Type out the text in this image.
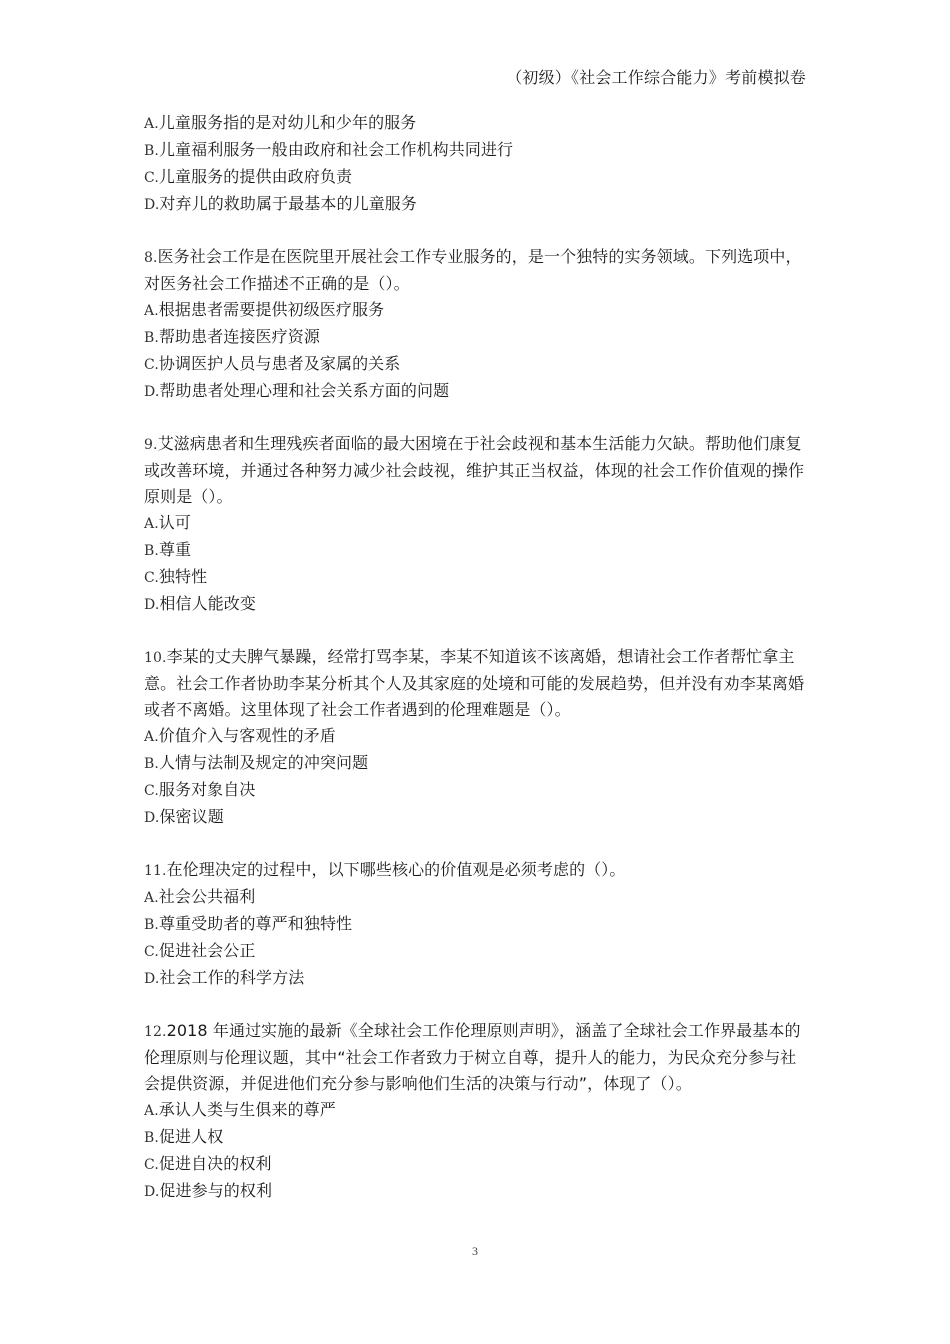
（初级）《社会工作综合能力》考前模拟卷
A.儿童服务指的是对幼儿和少年的服务
B.儿童福利服务一般由政府和社会工作机构共同进行
C.儿童服务的提供由政府负责
D.对弃儿的救助属于最基本的儿童服务
8.医务社会工作是在医院里开展社会工作专业服务的，是一个独特的实务领域。下列选项中，对医务社会工作描述不正确的是（）。
A.根据患者需要提供初级医疗服务
B.帮助患者连接医疗资源
C.协调医护人员与患者及家属的关系
D.帮助患者处理心理和社会关系方面的问题
9.艾滋病患者和生理残疾者面临的最大困境在于社会歧视和基本生活能力欠缺。帮助他们康复或改善环境，并通过各种努力减少社会歧视，维护其正当权益，体现的社会工作价值观的操作原则是（）。
A.认可
B.尊重
C.独特性
D.相信人能改变
10.李某的丈夫脾气暴躁，经常打骂李某，李某不知道该不该离婚，想请社会工作者帮忙拿主意。社会工作者协助李某分析其个人及其家庭的处境和可能的发展趋势，但并没有劝李某离婚或者不离婚。这里体现了社会工作者遇到的伦理难题是（）。
A.价值介入与客观性的矛盾
B.人情与法制及规定的冲突问题
C.服务对象自决
D.保密议题
11.在伦理决定的过程中，以下哪些核心的价值观是必须考虑的（）。
A.社会公共福利
B.尊重受助者的尊严和独特性
C.促进社会公正
D.社会工作的科学方法
12.2018 年通过实施的最新《全球社会工作伦理原则声明》，涵盖了全球社会工作界最基本的伦理原则与伦理议题，其中“社会工作者致力于树立自尊，提升人的能力，为民众充分参与社会提供资源，并促进他们充分参与影响他们生活的决策与行动”，体现了（）。
A.承认人类与生俱来的尊严
B.促进人权
C.促进自决的权利
D.促进参与的权利
3
